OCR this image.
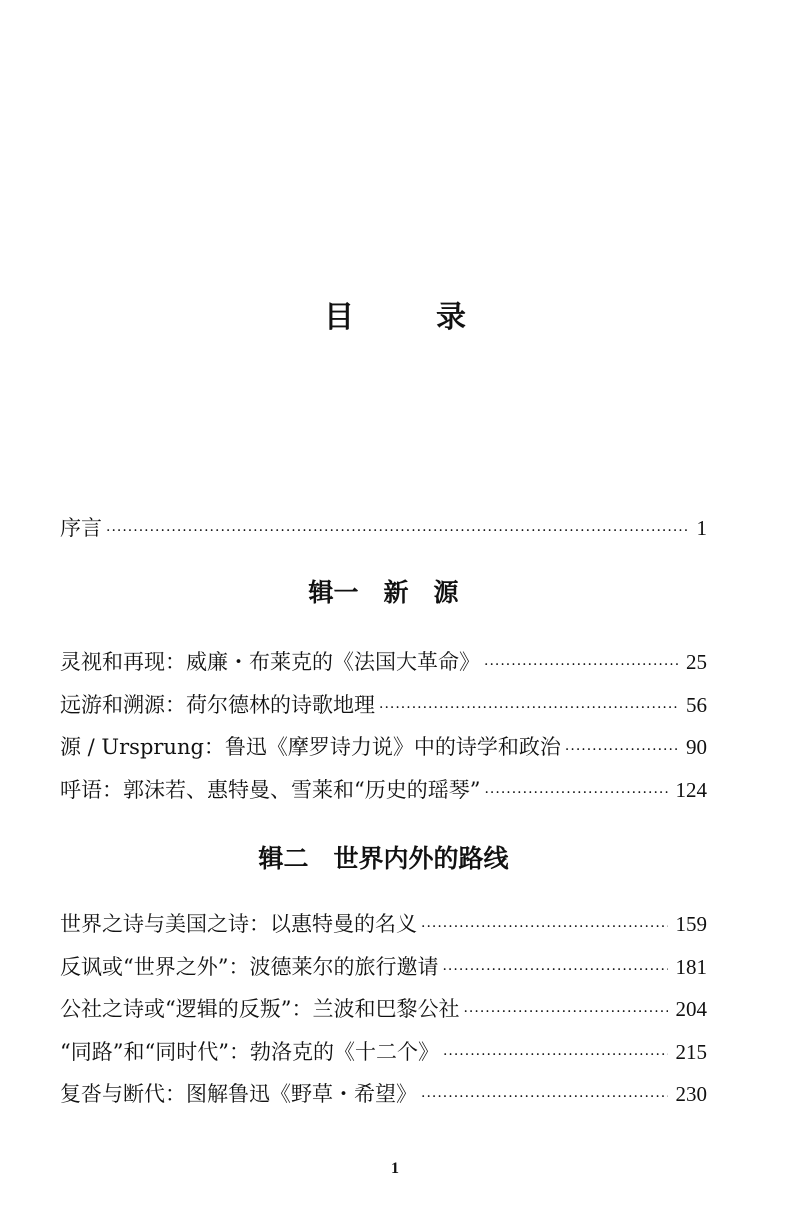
目　录
序言 ·····	1
辑一　新　源
灵视和再现：威廉・布莱克的《法国大革命》 ·····	25
远游和溯源：荷尔德林的诗歌地理 ·····	56
源 / Ursprung：鲁迅《摩罗诗力说》中的诗学和政治 ·····	90
呼语：郭沫若、惠特曼、雪莱和“历史的瑶琴” ·····	124
辑二　世界内外的路线
世界之诗与美国之诗：以惠特曼的名义 ·····	159
反讽或“世界之外”：波德莱尔的旅行邀请 ·····	181
公社之诗或“逻辑的反叛”：兰波和巴黎公社 ·····	204
“同路”和“同时代”：勃洛克的《十二个》 ·····	215
复沓与断代：图解鲁迅《野草・希望》 ·····	230
1
